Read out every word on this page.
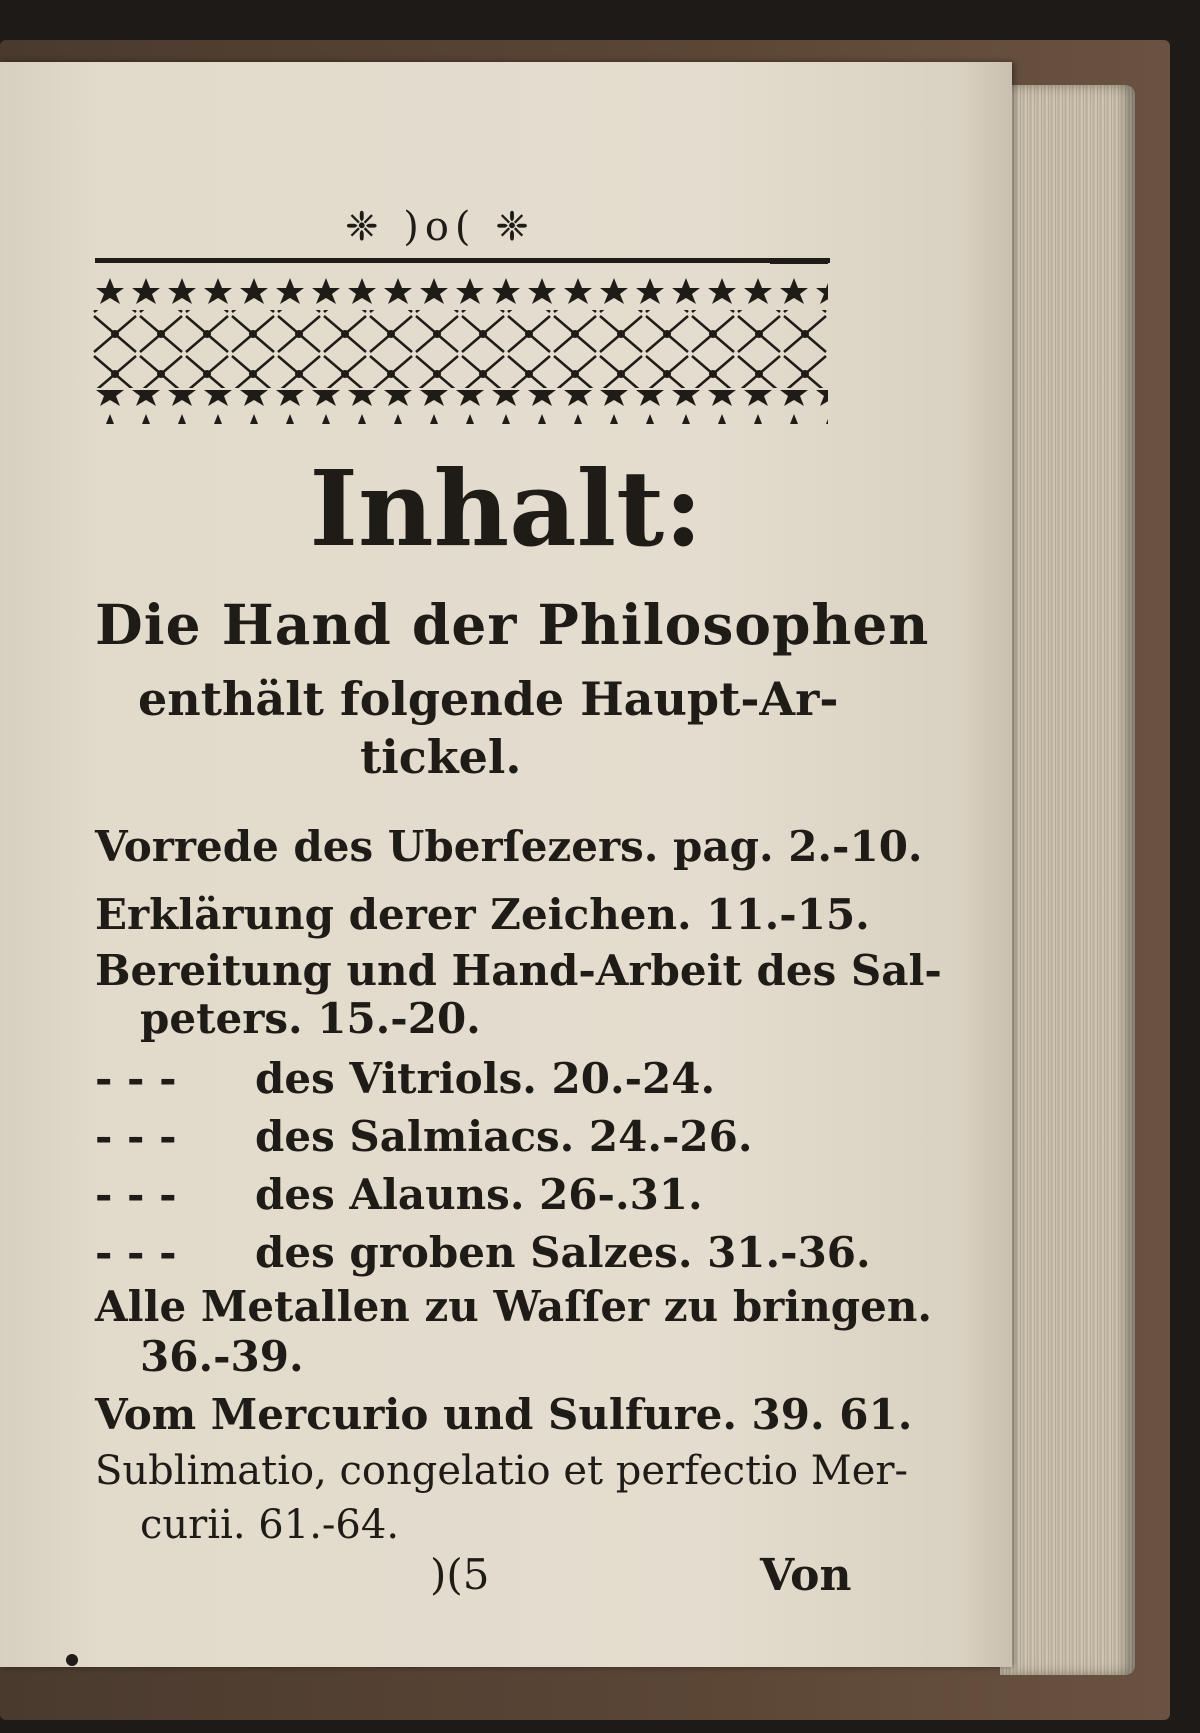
❈ )o( ❈
Inhalt:
Die Hand der Philosophen
enthält folgende Haupt-Ar-
tickel.
Vorrede des Uberſezers. pag. 2.-10.
Erklärung derer Zeichen. 11.-15.
Bereitung und Hand-Arbeit des Sal-
peters. 15.-20.
- - - des Vitriols. 20.-24.
- - - des Salmiacs. 24.-26.
- - - des Alauns. 26-.31.
- - - des groben Salzes. 31.-36.
Alle Metallen zu Waſſer zu bringen.
36.-39.
Vom Mercurio und Sulfure. 39. 61.
Sublimatio, congelatio et perfectio Mer-
curii. 61.-64.
)(5	Von
